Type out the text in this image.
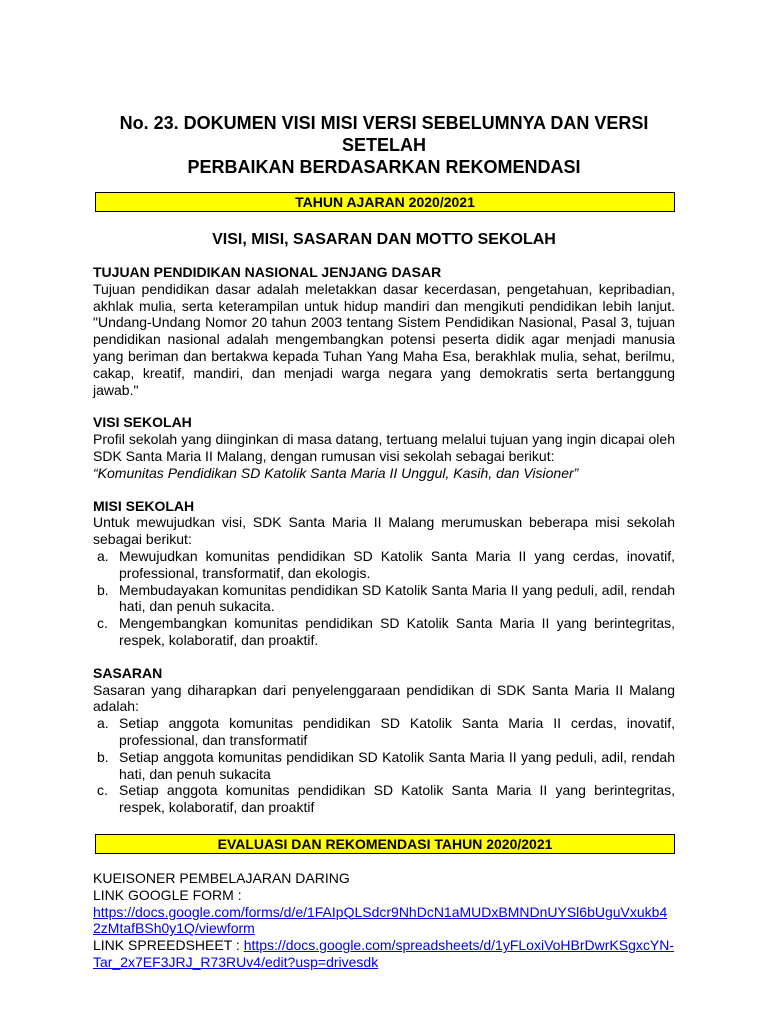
No. 23. DOKUMEN VISI MISI VERSI SEBELUMNYA DAN VERSI SETELAH
PERBAIKAN BERDASARKAN REKOMENDASI
TAHUN AJARAN 2020/2021
VISI, MISI, SASARAN DAN MOTTO SEKOLAH

TUJUAN PENDIDIKAN NASIONAL JENJANG DASAR

Tujuan pendidikan dasar adalah meletakkan dasar kecerdasan, pengetahuan, kepribadian, akhlak mulia, serta keterampilan untuk hidup mandiri dan mengikuti pendidikan lebih lanjut. "Undang-Undang Nomor 20 tahun 2003 tentang Sistem Pendidikan Nasional, Pasal 3, tujuan pendidikan nasional adalah mengembangkan potensi peserta didik agar menjadi manusia yang beriman dan bertakwa kepada Tuhan Yang Maha Esa, berakhlak mulia, sehat, berilmu, cakap, kreatif, mandiri, dan menjadi warga negara yang demokratis serta bertanggung jawab."

VISI SEKOLAH

Profil sekolah yang diinginkan di masa datang, tertuang melalui tujuan yang ingin dicapai oleh SDK Santa Maria II Malang, dengan rumusan visi sekolah sebagai berikut:

“Komunitas Pendidikan SD Katolik Santa Maria II Unggul, Kasih, dan Visioner”

MISI SEKOLAH

Untuk mewujudkan visi, SDK Santa Maria II Malang merumuskan beberapa misi sekolah sebagai berikut:

a. Mewujudkan komunitas pendidikan SD Katolik Santa Maria II yang cerdas, inovatif, professional, transformatif, dan ekologis.
b. Membudayakan komunitas pendidikan SD Katolik Santa Maria II yang peduli, adil, rendah hati, dan penuh sukacita.
c. Mengembangkan komunitas pendidikan SD Katolik Santa Maria II yang berintegritas, respek, kolaboratif, dan proaktif.

SASARAN

Sasaran yang diharapkan dari penyelenggaraan pendidikan di SDK Santa Maria II Malang adalah:

a. Setiap anggota komunitas pendidikan SD Katolik Santa Maria II cerdas, inovatif, professional, dan transformatif
b. Setiap anggota komunitas pendidikan SD Katolik Santa Maria II yang peduli, adil, rendah hati, dan penuh sukacita
c. Setiap anggota komunitas pendidikan SD Katolik Santa Maria II yang berintegritas, respek, kolaboratif, dan proaktif
EVALUASI DAN REKOMENDASI TAHUN 2020/2021
KUEISONER PEMBELAJARAN DARING
LINK GOOGLE FORM :
https://docs.google.com/forms/d/e/1FAIpQLSdcr9NhDcN1aMUDxBMNDnUYSl6bUguVxukb42zMtafBSh0y1Q/viewform
LINK SPREEDSHEET : https://docs.google.com/spreadsheets/d/1yFLoxiVoHBrDwrKSgxcYN-Tar_2x7EF3JRJ_R73RUv4/edit?usp=drivesdk
